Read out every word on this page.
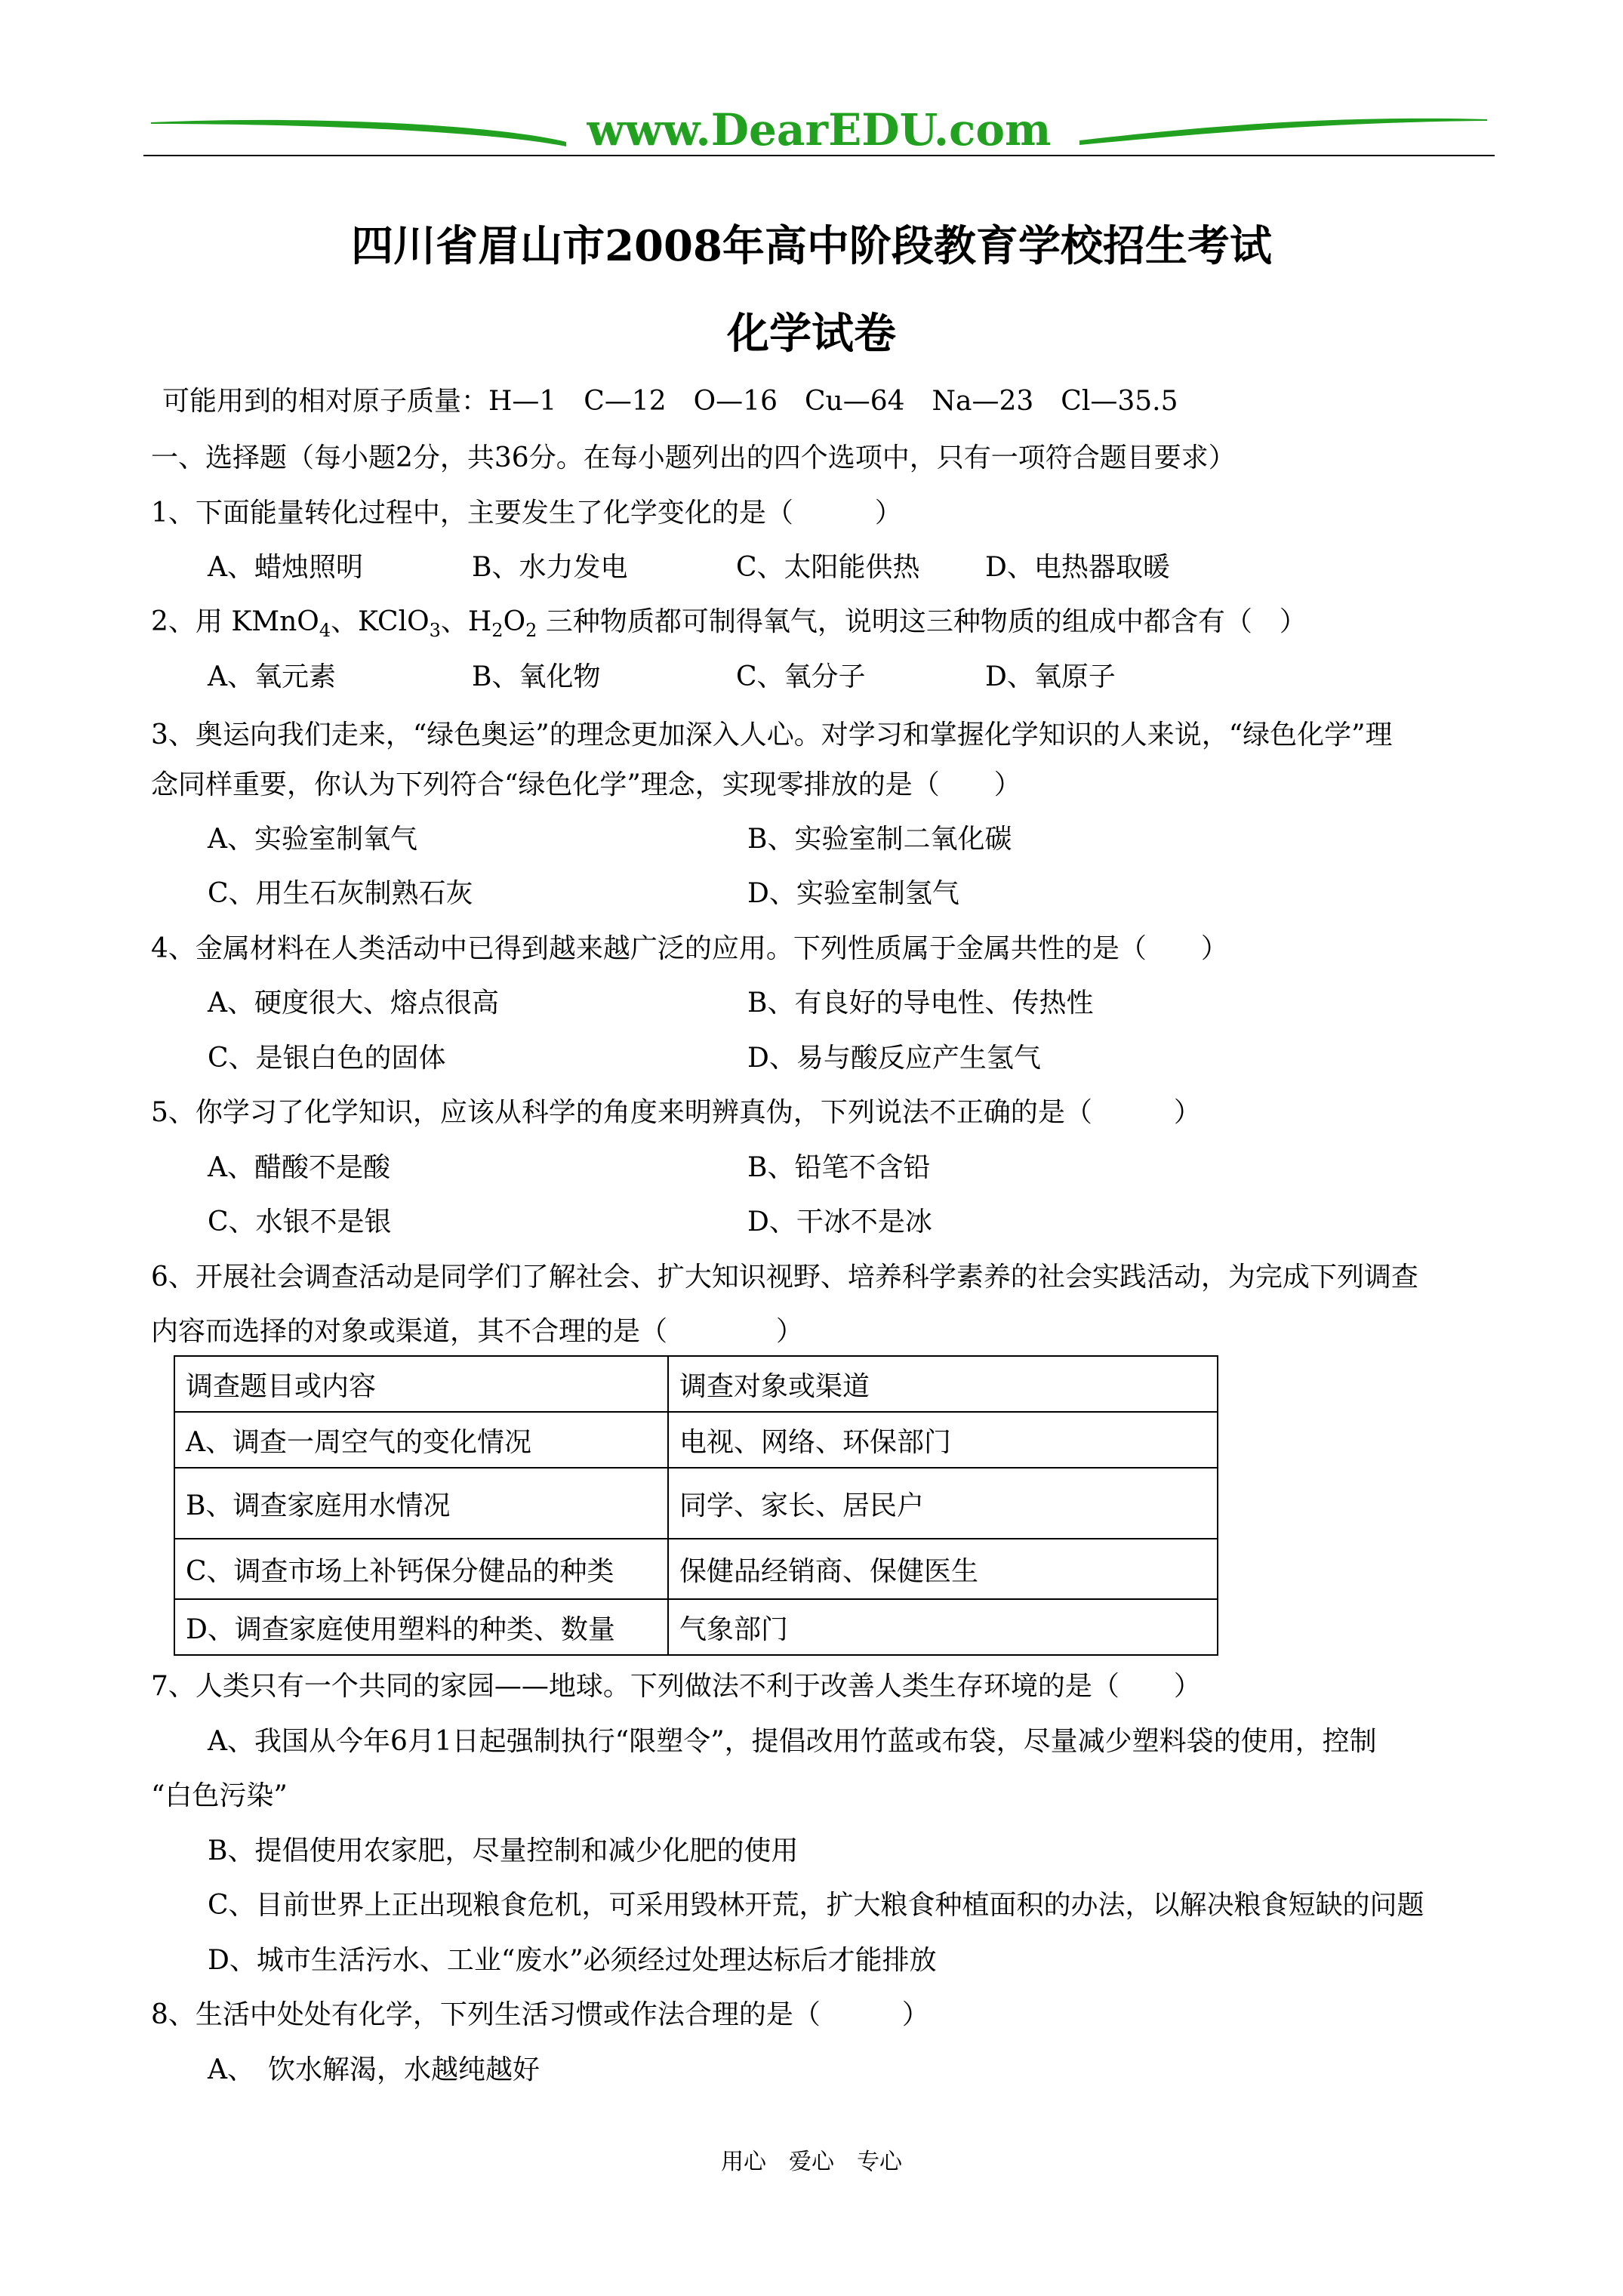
www.DearEDU.com
四川省眉山市2008年高中阶段教育学校招生考试
化学试卷
可能用到的相对原子质量：H—1　C—12　O—16　Cu—64　Na—23　Cl—35.5
一、选择题（每小题2分，共36分。在每小题列出的四个选项中，只有一项符合题目要求）
1、下面能量转化过程中，主要发生了化学变化的是（　　　）
A、蜡烛照明	B、水力发电	C、太阳能供热 D、电热器取暖
2、用 KMnO$_4$、KClO$_3$、$H_2O_2$ 三种物质都可制得氧气，说明这三种物质的组成中都含有（　）
A、氧元素	B、氧化物	C、氧分子	D、氧原子
3、奥运向我们走来，“绿色奥运”的理念更加深入人心。对学习和掌握化学知识的人来说，“绿色化学”理
念同样重要，你认为下列符合“绿色化学”理念，实现零排放的是（　　）
A、实验室制氧气	B、实验室制二氧化碳
C、用生石灰制熟石灰	D、实验室制氢气
4、金属材料在人类活动中已得到越来越广泛的应用。下列性质属于金属共性的是（　　）
A、硬度很大、熔点很高	B、有良好的导电性、传热性
C、是银白色的固体	D、易与酸反应产生氢气
5、你学习了化学知识，应该从科学的角度来明辨真伪，下列说法不正确的是（　　　）
A、醋酸不是酸	B、铅笔不含铅
C、水银不是银	D、干冰不是冰
6、开展社会调查活动是同学们了解社会、扩大知识视野、培养科学素养的社会实践活动，为完成下列调查
内容而选择的对象或渠道，其不合理的是（　　　　）
调查题目或内容	调查对象或渠道
A、调查一周空气的变化情况	电视、网络、环保部门
B、调查家庭用水情况	同学、家长、居民户
C、调查市场上补钙保分健品的种类	保健品经销商、保健医生
D、调查家庭使用塑料的种类、数量	气象部门
7、人类只有一个共同的家园——地球。下列做法不利于改善人类生存环境的是（　　）
A、我国从今年6月1日起强制执行“限塑令”，提倡改用竹蓝或布袋，尽量减少塑料袋的使用，控制
“白色污染”
B、提倡使用农家肥，尽量控制和减少化肥的使用
C、目前世界上正出现粮食危机，可采用毁林开荒，扩大粮食种植面积的办法，以解决粮食短缺的问题
D、城市生活污水、工业“废水”必须经过处理达标后才能排放
8、生活中处处有化学，下列生活习惯或作法合理的是（　　　）
A、　饮水解渴，水越纯越好
用心　爱心　专心
